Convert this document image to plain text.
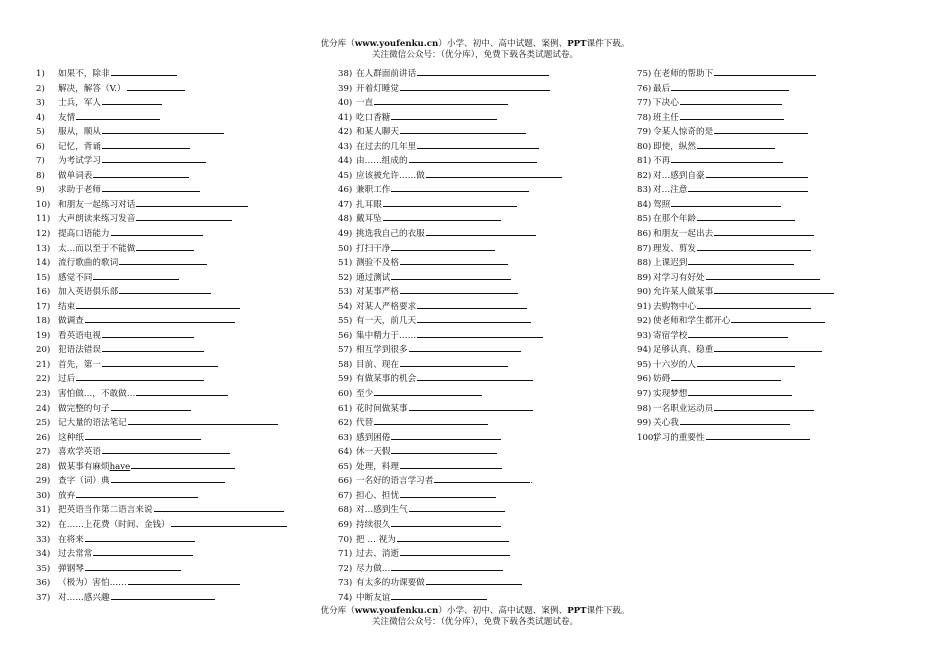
优分库（www.youfenku.cn）小学、初中、高中试题、案例、PPT课件下载。
关注微信公众号：（优分库），免费下载各类试题试卷。
1) 如果不，除非
2) 解决，解答（V.）
3) 士兵，军人
4) 友情
5) 服从，顺从
6) 记忆，背诵
7) 为考试学习
8) 做单词表
9) 求助于老师
10) 和朋友一起练习对话
11) 大声朗读来练习发音
12) 提高口语能力
13) 太…而以至于不能做
14) 流行歌曲的歌词
15) 感觉不同
16) 加入英语俱乐部
17) 结束
18) 做调查
19) 看英语电视
20) 犯语法错误
21) 首先，第一
22) 过后
23) 害怕做…，不敢做…
24) 做完整的句子
25) 记大量的语法笔记
26) 这种纸
27) 喜欢学英语
28) 做某事有麻烦have
29) 查字（词）典
30) 放弃
31) 把英语当作第二语言来说
32) 在……上花费（时间、金钱）
33) 在将来
34) 过去常常
35) 弹钢琴
36) （极为）害怕……
37) 对……感兴趣
38) 在人群面前讲话
39) 开着灯睡觉
40) 一直
41) 吃口香糖
42) 和某人聊天
43) 在过去的几年里
44) 由……组成的
45) 应该被允许……做
46) 兼职工作
47) 扎耳眼
48) 戴耳坠
49) 挑选我自己的衣服
50) 打扫干净
51) 测验不及格
52) 通过测试
53) 对某事严格
54) 对某人严格要求
55) 有一天，前几天
56) 集中精力于……
57) 相互学到很多
58) 目前、现在
59) 有做某事的机会
60) 至少
61) 花时间做某事
62) 代替
63) 感到困倦
64) 休一天假
65) 处理，料理
66) 一名好的语言学习者	.
67) 担心、担忧
68) 对…感到生气
69) 持续很久
70) 把 … 视为
71) 过去、消逝
72) 尽力做…
73) 有太多的功课要做
74) 中断友谊
75) 在老师的帮助下
76) 最后
77) 下决心
78) 班主任
79) 令某人惊奇的是
80) 即使，纵然
81) 不再
82) 对…感到自豪
83) 对…注意
84) 驾照
85) 在那个年龄
86) 和朋友一起出去
87) 理发、剪发
88) 上课迟到
89) 对学习有好处
90) 允许某人做某事
91) 去购物中心
92) 使老师和学生都开心
93) 寄宿学校
94) 足够认真、稳重
95) 十六岁的人
96) 妨碍
97) 实现梦想
98) 一名职业运动员
99) 关心我
100)学习的重要性
优分库（www.youfenku.cn）小学、初中、高中试题、案例、PPT课件下载。
关注微信公众号：（优分库），免费下载各类试题试卷。
